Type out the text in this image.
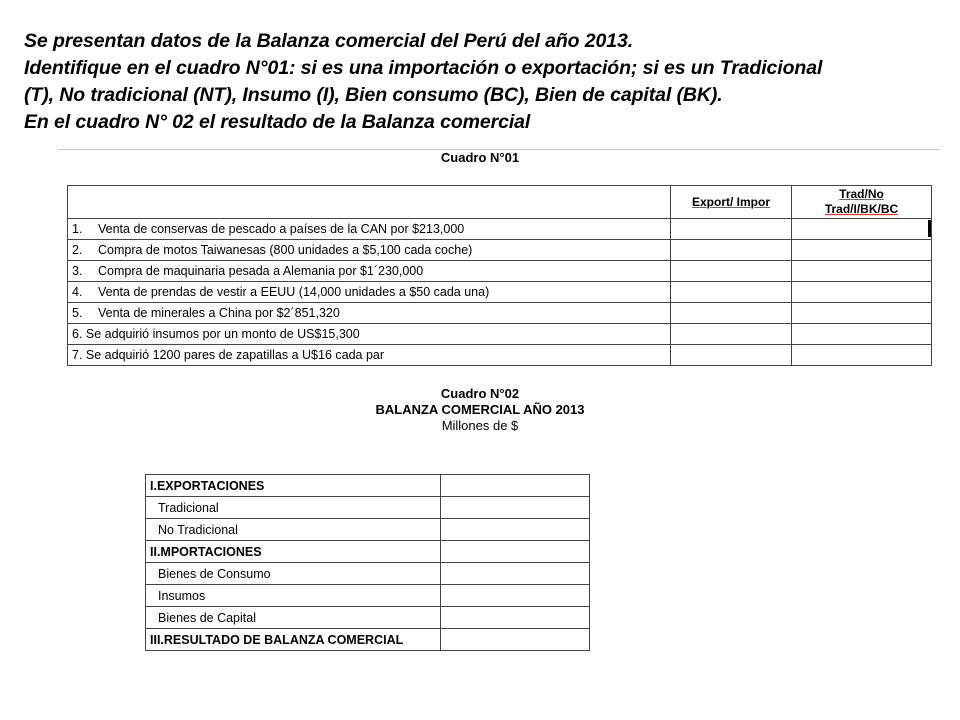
Se presentan datos de la Balanza comercial del Perú del año 2013.
Identifique en el cuadro N°01: si es una importación o exportación; si es un Tradicional
(T), No tradicional (NT), Insumo (I), Bien consumo (BC), Bien de capital (BK).
En el cuadro N° 02 el resultado de la Balanza comercial
Cuadro N°01
	Export/ Impor	Trad/No
Trad/I/BK/BC

1. Venta de conservas de pescado a países de la CAN por $213,000		
2. Compra de motos Taiwanesas (800 unidades a $5,100 cada coche)		
3. Compra de maquinaria pesada a Alemania por $1´230,000		
4. Venta de prendas de vestir a EEUU (14,000 unidades a $50 cada una)		
5. Venta de minerales a China por $2´851,320		
6. Se adquirió insumos por un monto de US$15,300		
7. Se adquirió 1200 pares de zapatillas a U$16 cada par		
Cuadro N°02
BALANZA COMERCIAL AÑO 2013
Millones de $
I.EXPORTACIONES	
Tradicional	
No Tradicional	
II.MPORTACIONES	
Bienes de Consumo	
Insumos	
Bienes de Capital	
III.RESULTADO DE BALANZA COMERCIAL	
